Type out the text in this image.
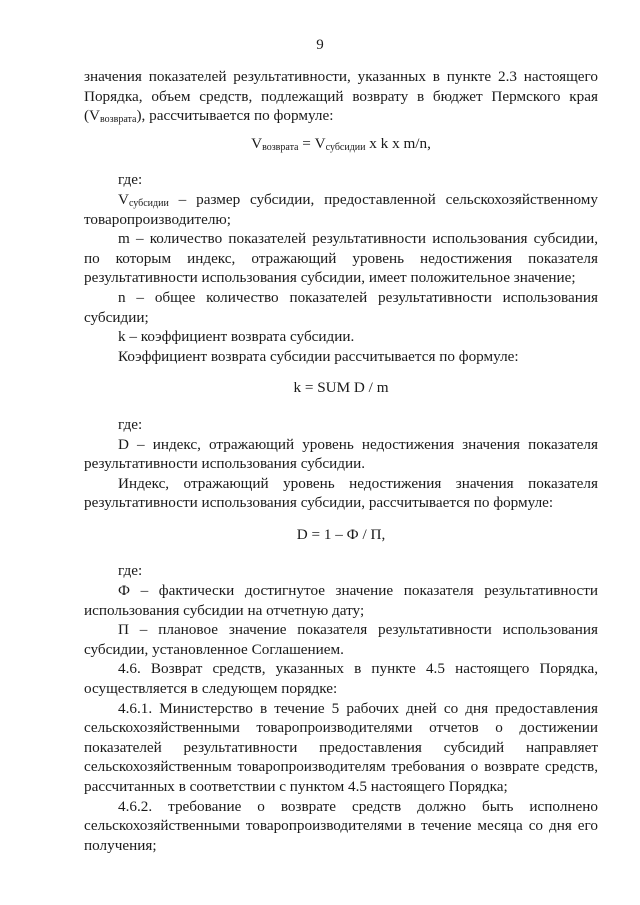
9

значения показателей результативности, указанных в пункте 2.3 настоящего Порядка, объем средств, подлежащий возврату в бюджет Пермского края

$(V_{возврата})$, рассчитывается по формуле:

$V_{возврата} = V_{субсидии}$ x k x m/n,

где:

$V_{субсидии}$ – размер субсидии, предоставленной сельскохозяйственному товаропроизводителю;

m – количество показателей результативности использования субсидии, по которым индекс, отражающий уровень недостижения показателя результативности использования субсидии, имеет положительное значение;

n – общее количество показателей результативности использования субсидии;

k – коэффициент возврата субсидии.

Коэффициент возврата субсидии рассчитывается по формуле:

k = SUM D / m

где:

D – индекс, отражающий уровень недостижения значения показателя результативности использования субсидии.

Индекс, отражающий уровень недостижения значения показателя результативности использования субсидии, рассчитывается по формуле:

D = 1 – Ф / П,

где:

Ф – фактически достигнутое значение показателя результативности использования субсидии на отчетную дату;

П – плановое значение показателя результативности использования субсидии, установленное Соглашением.

4.6. Возврат средств, указанных в пункте 4.5 настоящего Порядка, осуществляется в следующем порядке:

4.6.1. Министерство в течение 5 рабочих дней со дня предоставления сельскохозяйственными товаропроизводителями отчетов о достижении показателей результативности предоставления субсидий направляет сельскохозяйственным товаропроизводителям требования о возврате средств, рассчитанных в соответствии с пунктом 4.5 настоящего Порядка;

4.6.2. требование о возврате средств должно быть исполнено сельскохозяйственными товаропроизводителями в течение месяца со дня его получения;
